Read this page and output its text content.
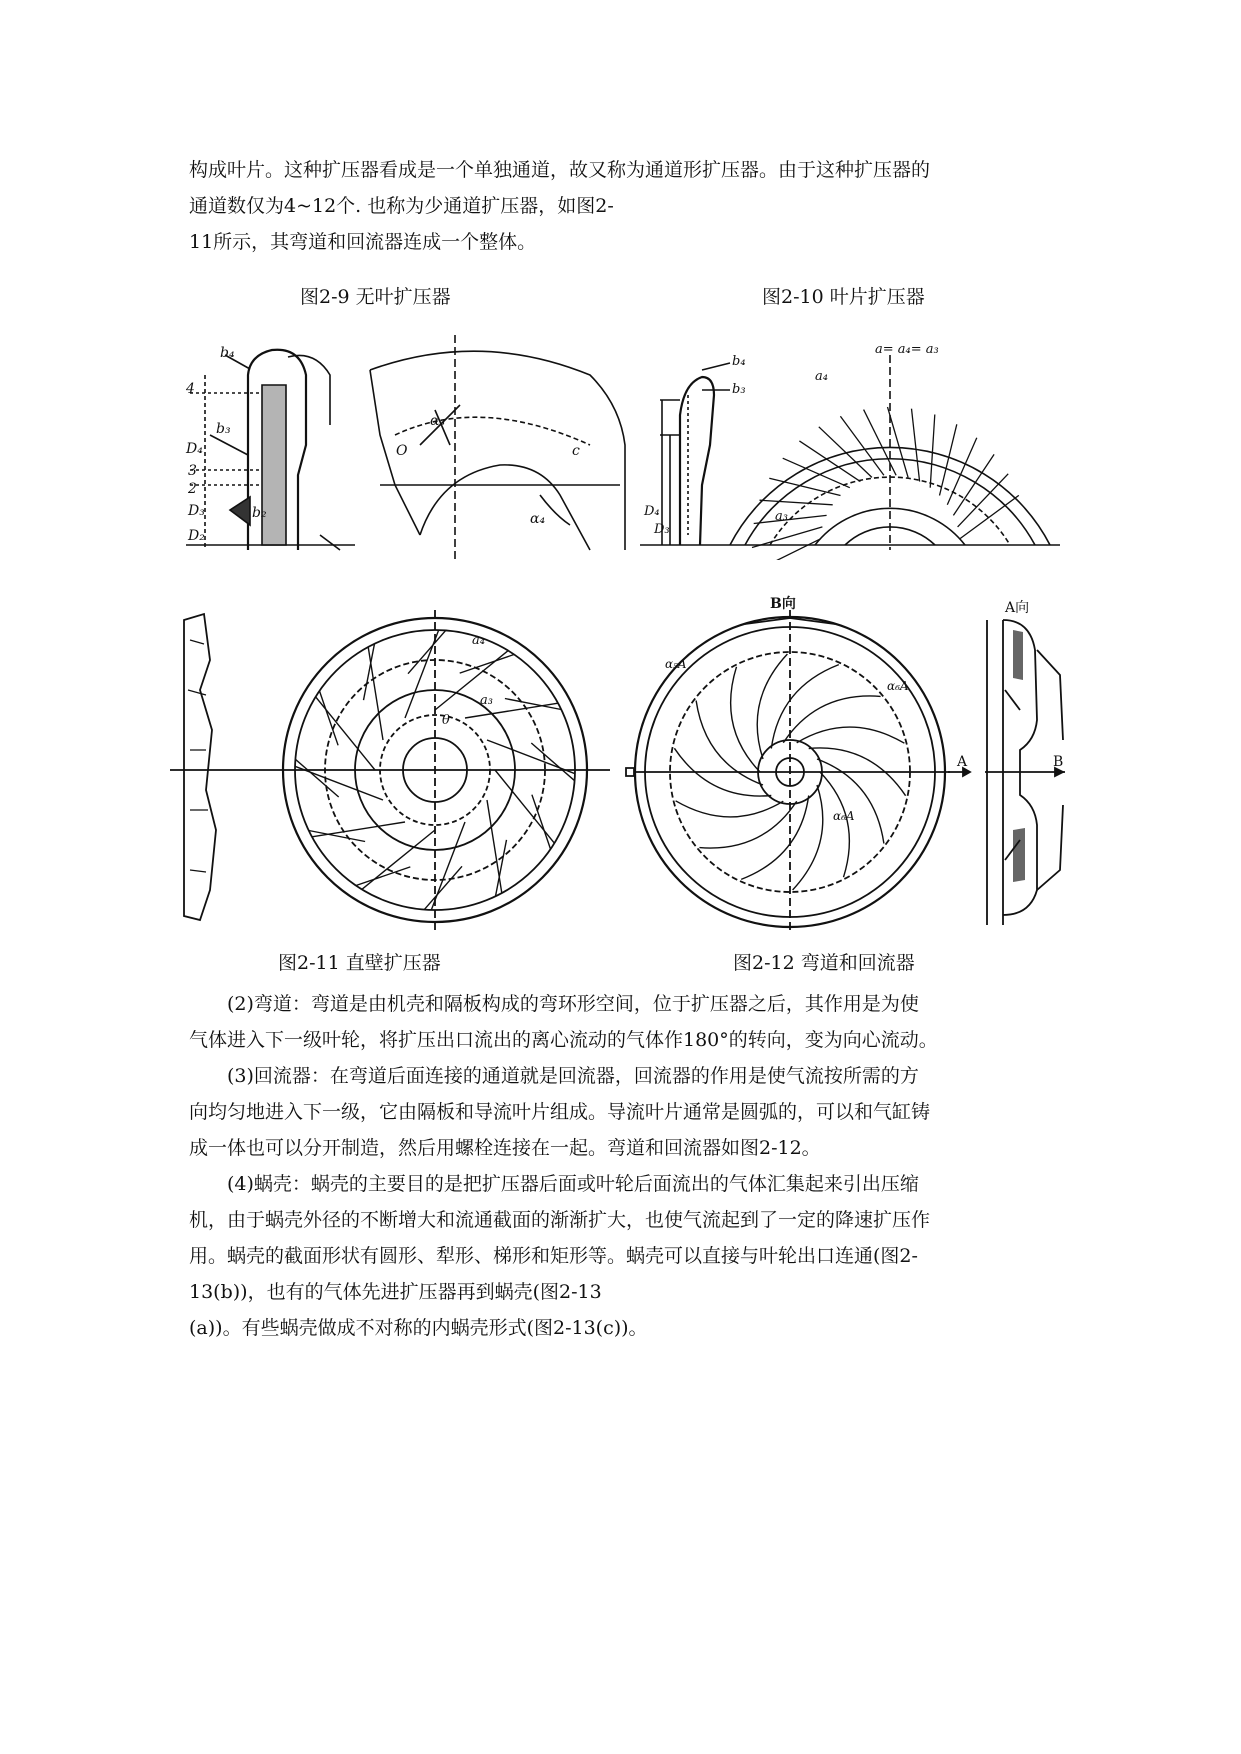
构成叶片。这种扩压器看成是一个单独通道，故又称为通道形扩压器。由于这种扩压器的
通道数仅为4~12个. 也称为少通道扩压器，如图2-
11所示，其弯道和回流器连成一个整体。

图2-9 无叶扩压器	图2-10 叶片扩压器
b₄
4
b₃
D₄
3
2
D₃
D₂
b₂
α₃
c
O
α₄
b₄
b₃
a₄
a= a₄= a₃
D₄
D₃
a₃
a₄
a₃
θ
B向	A向
A	B
α₅A
α₆A
α₆A
图2-11 直壁扩压器	图2-12 弯道和回流器

(2)弯道：弯道是由机壳和隔板构成的弯环形空间，位于扩压器之后，其作用是为使
气体进入下一级叶轮，将扩压出口流出的离心流动的气体作180°的转向，变为向心流动。

(3)回流器：在弯道后面连接的通道就是回流器，回流器的作用是使气流按所需的方
向均匀地进入下一级，它由隔板和导流叶片组成。导流叶片通常是圆弧的，可以和气缸铸
成一体也可以分开制造，然后用螺栓连接在一起。弯道和回流器如图2-12。

(4)蜗壳：蜗壳的主要目的是把扩压器后面或叶轮后面流出的气体汇集起来引出压缩
机，由于蜗壳外径的不断增大和流通截面的渐渐扩大，也使气流起到了一定的降速扩压作
用。蜗壳的截面形状有圆形、犁形、梯形和矩形等。蜗壳可以直接与叶轮出口连通(图2-
13(b))，也有的气体先进扩压器再到蜗壳(图2-13
(a))。有些蜗壳做成不对称的内蜗壳形式(图2-13(c))。
